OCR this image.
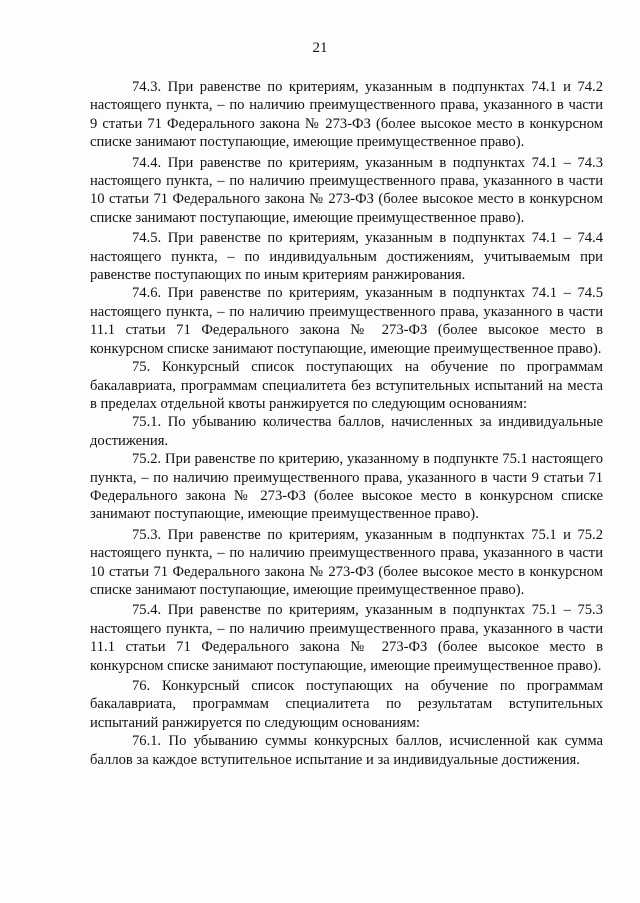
21

74.3. При равенстве по критериям, указанным в подпунктах 74.1 и 74.2 настоящего пункта, – по наличию преимущественного права, указанного в части 9 статьи 71 Федерального закона № 273-ФЗ (более высокое место в конкурсном списке занимают поступающие, имеющие преимущественное право).

74.4. При равенстве по критериям, указанным в подпунктах 74.1 – 74.3 настоящего пункта, – по наличию преимущественного права, указанного в части 10 статьи 71 Федерального закона № 273-ФЗ (более высокое место в конкурсном списке занимают поступающие, имеющие преимущественное право).

74.5. При равенстве по критериям, указанным в подпунктах 74.1 – 74.4 настоящего пункта, – по индивидуальным достижениям, учитываемым при равенстве поступающих по иным критериям ранжирования.

74.6. При равенстве по критериям, указанным в подпунктах 74.1 – 74.5 настоящего пункта, – по наличию преимущественного права, указанного в части 11.1 статьи 71 Федерального закона № 273-ФЗ (более высокое место в конкурсном списке занимают поступающие, имеющие преимущественное право).

75. Конкурсный список поступающих на обучение по программам бакалавриата, программам специалитета без вступительных испытаний на места в пределах отдельной квоты ранжируется по следующим основаниям:

75.1. По убыванию количества баллов, начисленных за индивидуальные достижения.

75.2. При равенстве по критерию, указанному в подпункте 75.1 настоящего пункта, – по наличию преимущественного права, указанного в части 9 статьи 71 Федерального закона № 273-ФЗ (более высокое место в конкурсном списке занимают поступающие, имеющие преимущественное право).

75.3. При равенстве по критериям, указанным в подпунктах 75.1 и 75.2 настоящего пункта, – по наличию преимущественного права, указанного в части 10 статьи 71 Федерального закона № 273-ФЗ (более высокое место в конкурсном списке занимают поступающие, имеющие преимущественное право).

75.4. При равенстве по критериям, указанным в подпунктах 75.1 – 75.3 настоящего пункта, – по наличию преимущественного права, указанного в части 11.1 статьи 71 Федерального закона № 273-ФЗ (более высокое место в конкурсном списке занимают поступающие, имеющие преимущественное право).

76. Конкурсный список поступающих на обучение по программам бакалавриата, программам специалитета по результатам вступительных испытаний ранжируется по следующим основаниям:

76.1. По убыванию суммы конкурсных баллов, исчисленной как сумма баллов за каждое вступительное испытание и за индивидуальные достижения.
